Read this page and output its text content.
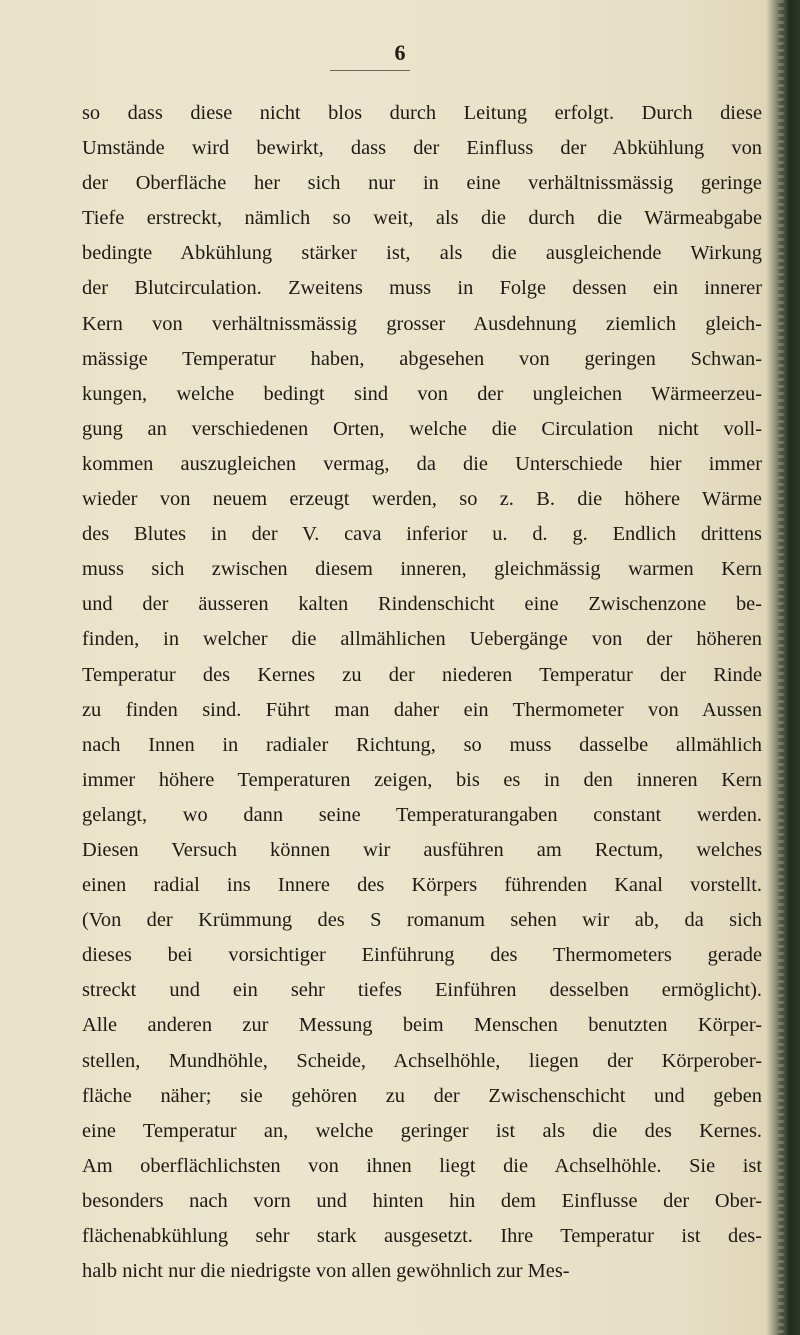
6
so dass diese nicht blos durch Leitung erfolgt. Durch diese
Umstände wird bewirkt, dass der Einfluss der Abkühlung von
der Oberfläche her sich nur in eine verhältnissmässig geringe
Tiefe erstreckt, nämlich so weit, als die durch die Wärmeabgabe
bedingte Abkühlung stärker ist, als die ausgleichende Wirkung
der Blutcirculation. Zweitens muss in Folge dessen ein innerer
Kern von verhältnissmässig grosser Ausdehnung ziemlich gleich-
mässige Temperatur haben, abgesehen von geringen Schwan-
kungen, welche bedingt sind von der ungleichen Wärmeerzeu-
gung an verschiedenen Orten, welche die Circulation nicht voll-
kommen auszugleichen vermag, da die Unterschiede hier immer
wieder von neuem erzeugt werden, so z. B. die höhere Wärme
des Blutes in der V. cava inferior u. d. g. Endlich drittens
muss sich zwischen diesem inneren, gleichmässig warmen Kern
und der äusseren kalten Rindenschicht eine Zwischenzone be-
finden, in welcher die allmählichen Uebergänge von der höheren
Temperatur des Kernes zu der niederen Temperatur der Rinde
zu finden sind. Führt man daher ein Thermometer von Aussen
nach Innen in radialer Richtung, so muss dasselbe allmählich
immer höhere Temperaturen zeigen, bis es in den inneren Kern
gelangt, wo dann seine Temperaturangaben constant werden.
Diesen Versuch können wir ausführen am Rectum, welches
einen radial ins Innere des Körpers führenden Kanal vorstellt.
(Von der Krümmung des S romanum sehen wir ab, da sich
dieses bei vorsichtiger Einführung des Thermometers gerade
streckt und ein sehr tiefes Einführen desselben ermöglicht).
Alle anderen zur Messung beim Menschen benutzten Körper-
stellen, Mundhöhle, Scheide, Achselhöhle, liegen der Körperober-
fläche näher; sie gehören zu der Zwischenschicht und geben
eine Temperatur an, welche geringer ist als die des Kernes.
Am oberflächlichsten von ihnen liegt die Achselhöhle. Sie ist
besonders nach vorn und hinten hin dem Einflusse der Ober-
flächenabkühlung sehr stark ausgesetzt. Ihre Temperatur ist des-
halb nicht nur die niedrigste von allen gewöhnlich zur Mes-
